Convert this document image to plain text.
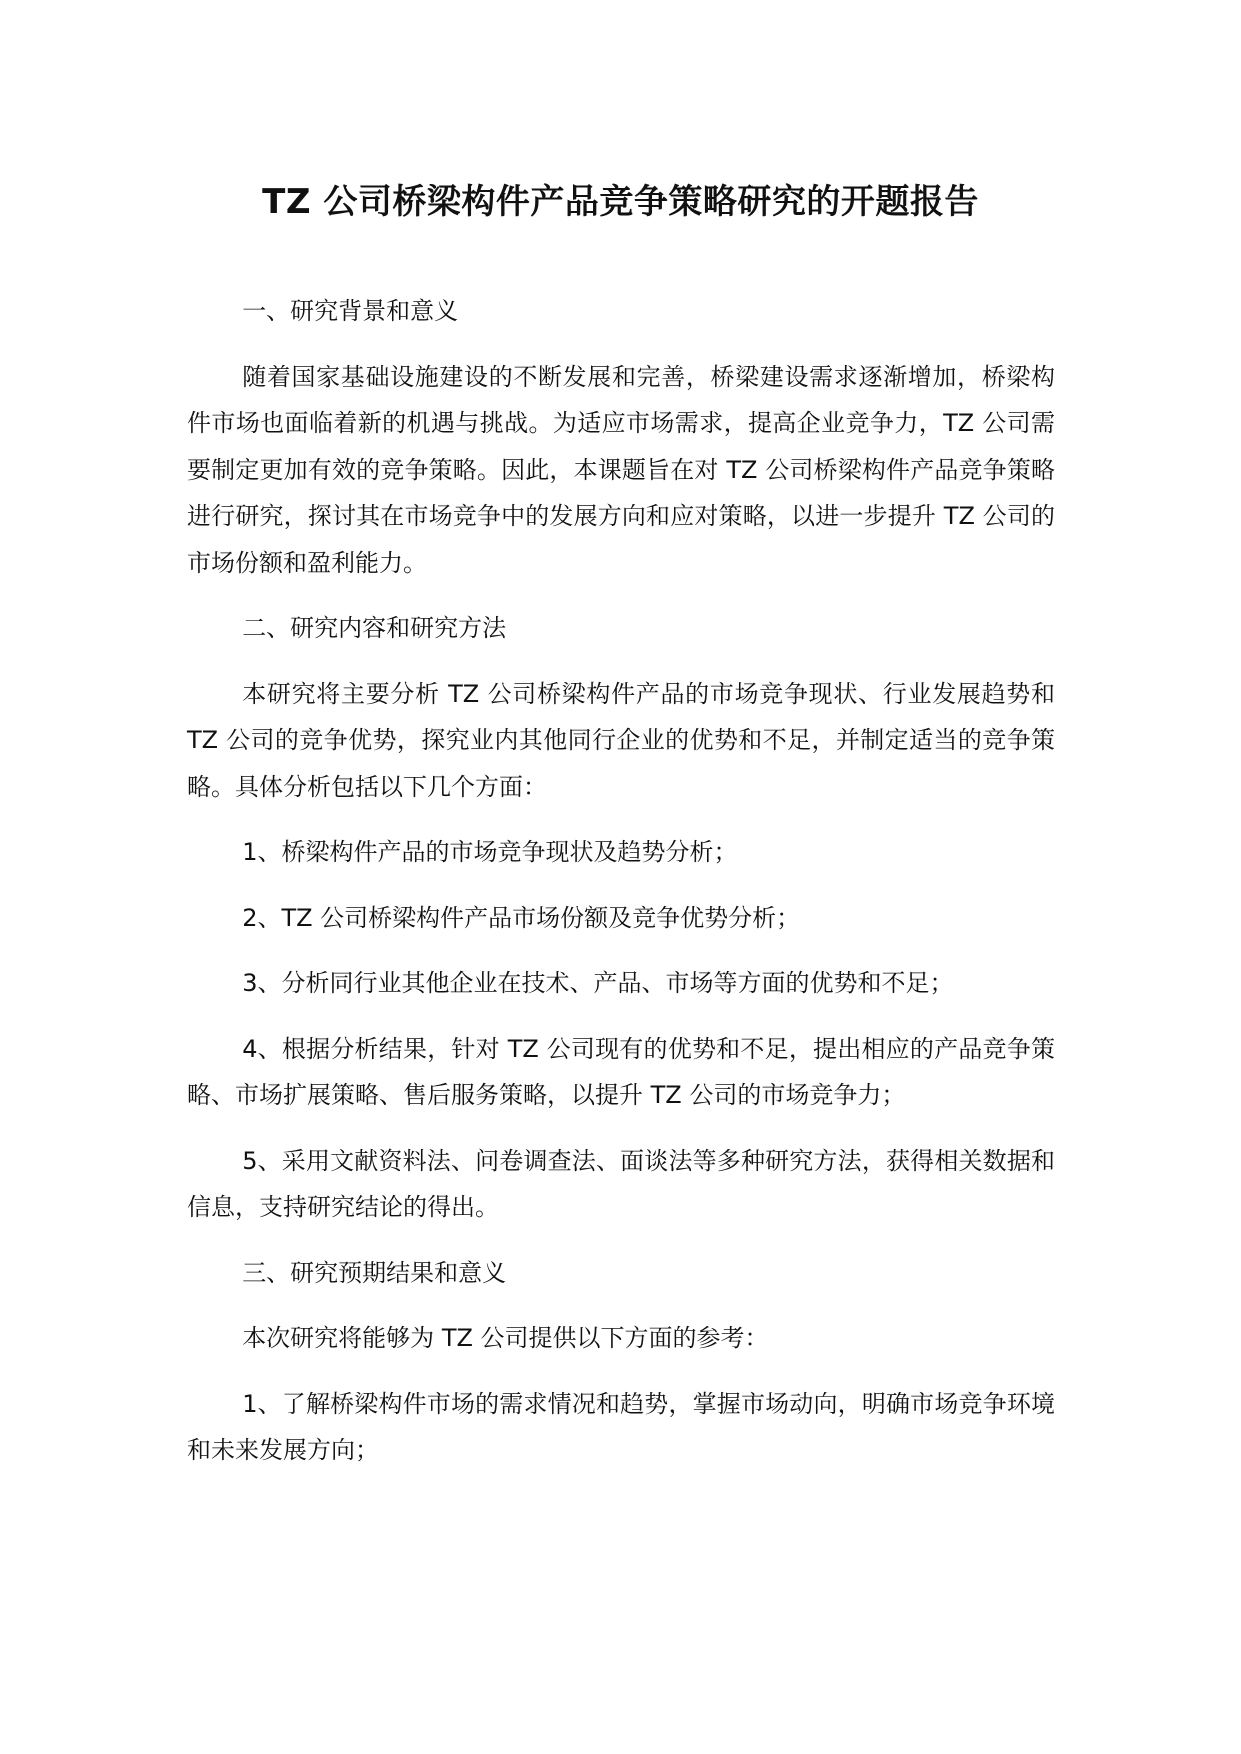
TZ 公司桥梁构件产品竞争策略研究的开题报告

一、研究背景和意义

随着国家基础设施建设的不断发展和完善，桥梁建设需求逐渐增加，桥梁构件市场也面临着新的机遇与挑战。为适应市场需求，提高企业竞争力，TZ 公司需要制定更加有效的竞争策略。因此，本课题旨在对 TZ 公司桥梁构件产品竞争策略进行研究，探讨其在市场竞争中的发展方向和应对策略，以进一步提升 TZ 公司的市场份额和盈利能力。

二、研究内容和研究方法

本研究将主要分析 TZ 公司桥梁构件产品的市场竞争现状、行业发展趋势和 TZ 公司的竞争优势，探究业内其他同行企业的优势和不足，并制定适当的竞争策略。具体分析包括以下几个方面：

1、桥梁构件产品的市场竞争现状及趋势分析；

2、TZ 公司桥梁构件产品市场份额及竞争优势分析；

3、分析同行业其他企业在技术、产品、市场等方面的优势和不足；

4、根据分析结果，针对 TZ 公司现有的优势和不足，提出相应的产品竞争策略、市场扩展策略、售后服务策略，以提升 TZ 公司的市场竞争力；

5、采用文献资料法、问卷调查法、面谈法等多种研究方法，获得相关数据和信息，支持研究结论的得出。

三、研究预期结果和意义

本次研究将能够为 TZ 公司提供以下方面的参考：

1、了解桥梁构件市场的需求情况和趋势，掌握市场动向，明确市场竞争环境和未来发展方向；
